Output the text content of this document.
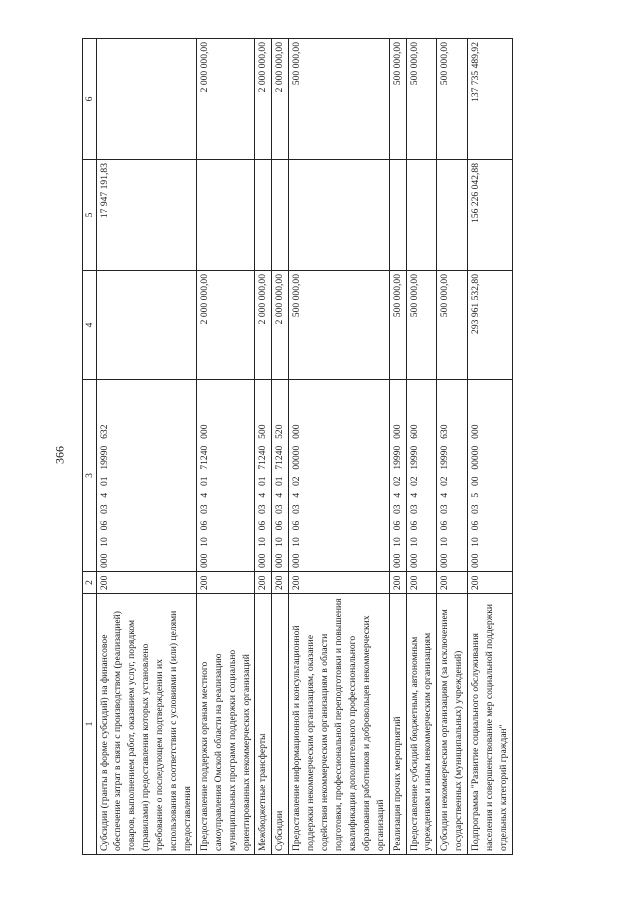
366
1	2	3	4	5	6
Субсидии (гранты в форме субсидий) на финансовое обеспечение затрат в связи с производством (реализацией) товаров, выполнением работ, оказанием услуг, порядком (правилами) предоставления которых установлено требование о последующем подтверждении их использования в соответствии с условиями и (или) целями предоставления	200	000  10  06  03  4  01  19990  632		17 947 191,83	
Предоставление поддержки органам местного самоуправления Омской области на реализацию муниципальных программ поддержки социально ориентированных некоммерческих организаций	200	000  10  06  03  4  01  71240  000	2 000 000,00		2 000 000,00
Межбюджетные трансферты	200	000  10  06  03  4  01  71240  500	2 000 000,00		2 000 000,00
Субсидии	200	000  10  06  03  4  01  71240  520	2 000 000,00		2 000 000,00
Предоставление информационной и консультационной поддержки некоммерческим организациям, оказание содействия некоммерческим организациям в области подготовки, профессиональной переподготовки и повышения квалификации дополнительного профессионального образования работников и добровольцев некоммерческих организаций	200	000  10  06  03  4  02  00000  000	500 000,00		500 000,00
Реализация прочих мероприятий	200	000  10  06  03  4  02  19990  000	500 000,00		500 000,00
Предоставление субсидий бюджетным, автономным учреждениям и иным некоммерческим организациям	200	000  10  06  03  4  02  19990  600	500 000,00		500 000,00
Субсидии некоммерческим организациям (за исключением государственных (муниципальных) учреждений)	200	000  10  06  03  4  02  19990  630	500 000,00		500 000,00
Подпрограмма "Развитие социального обслуживания населения и совершенствование мер социальной поддержки отдельных категорий граждан"	200	000  10  06  03  5  00  00000  000	293 961 532,80	156 226 042,88	137 735 489,92
